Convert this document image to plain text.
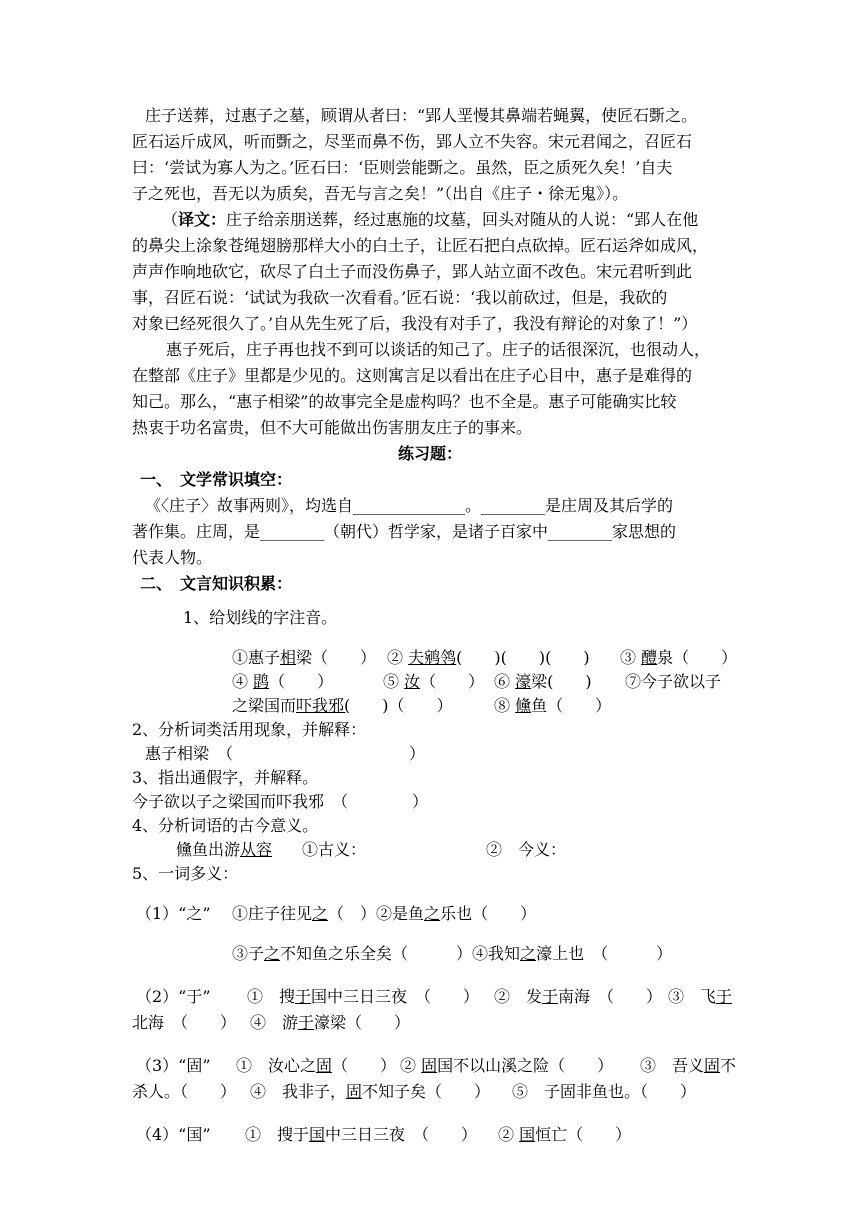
庄子送葬，过惠子之墓，顾谓从者曰：“郢人垩慢其鼻端若蝇翼，使匠石斲之。
匠石运斤成风，听而斲之，尽垩而鼻不伤，郢人立不失容。宋元君闻之，召匠石
曰：‘尝试为寡人为之。’匠石曰：‘臣则尝能斲之。虽然，臣之质死久矣！’自夫
子之死也，吾无以为质矣，吾无与言之矣！”（出自《庄子・徐无鬼》）。
（译文：庄子给亲朋送葬，经过惠施的坟墓，回头对随从的人说：“郢人在他
的鼻尖上涂象苍绳翅膀那样大小的白土子，让匠石把白点砍掉。匠石运斧如成风，
声声作响地砍它，砍尽了白土子而没伤鼻子，郢人站立面不改色。宋元君听到此
事，召匠石说：‘试试为我砍一次看看。’匠石说：‘我以前砍过，但是，我砍的
对象已经死很久了。’自从先生死了后，我没有对手了，我没有辩论的对象了！”）
惠子死后，庄子再也找不到可以谈话的知己了。庄子的话很深沉，也很动人，
在整部《庄子》里都是少见的。这则寓言足以看出在庄子心目中，惠子是难得的
知己。那么，“惠子相梁”的故事完全是虚构吗？也不全是。惠子可能确实比较
热衷于功名富贵，但不大可能做出伤害朋友庄子的事来。
练习题：
一、　文学常识填空：
《〈庄子〉故事两则》，均选自______________。________是庄周及其后学的
著作集。庄周，是________（朝代）哲学家，是诸子百家中________家思想的
代表人物。
二、　文言知识积累：
1、给划线的字注音。
①惠子相梁（　　） ② 夫鹓鸰(　　)(　　)(　　) ③ 醴泉（　　）
④ 鹍（　　）	⑤ 汝（　　） ⑥ 濠梁(　　) ⑦今子欲以子
之梁国而吓我邪(　　)（　　）	⑧ 儵鱼（　　）
2、分析词类活用现象，并解释：
惠子相梁　（　　　　　　　　　　　）
3、指出通假字，并解释。
今子欲以子之梁国而吓我邪　（　　　　）
4、分析词语的古今意义。
儵鱼出游从容 ①古义：	②　今义：
5、一词多义：
（1）“之” ①庄子往见之（　）②是鱼之乐也（　　）
③子之不知鱼之乐全矣（　　　）④我知之濠上也　（　　　）
（2）“于” ①　搜于国中三日三夜　（　　） ②　发于南海　（　　） ③　飞于
北海　（　　） ④　游于濠梁（　　）
（3）“固” ①　汝心之固（　　） ② 固国不以山溪之险（　　） ③　吾义固不
杀人。（　　） ④　我非子，固不知子矣（　　） ⑤　子固非鱼也。（　　）
（4）“国” ①　搜于国中三日三夜　（　　） ② 国恒亡（　　）
